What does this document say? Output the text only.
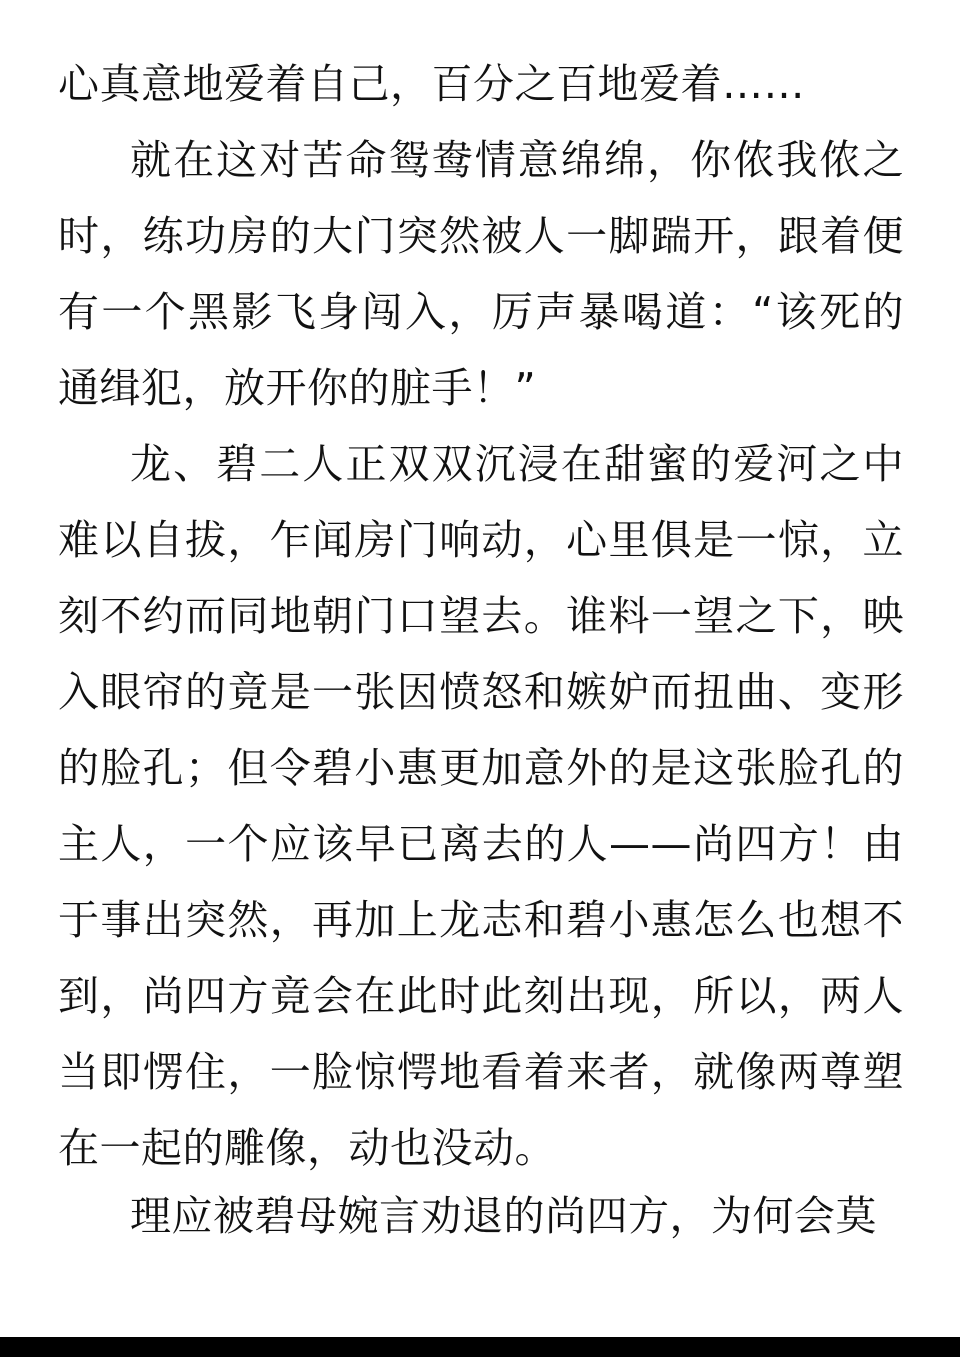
心真意地爱着自己，百分之百地爱着……

就在这对苦命鸳鸯情意绵绵，你侬我侬之时，练功房的大门突然被人一脚踹开，跟着便有一个黑影飞身闯入，厉声暴喝道：“该死的通缉犯，放开你的脏手！”

龙、碧二人正双双沉浸在甜蜜的爱河之中难以自拔，乍闻房门响动，心里俱是一惊，立刻不约而同地朝门口望去。谁料一望之下，映入眼帘的竟是一张因愤怒和嫉妒而扭曲、变形的脸孔；但令碧小惠更加意外的是这张脸孔的主人，一个应该早已离去的人——尚四方！由于事出突然，再加上龙志和碧小惠怎么也想不到，尚四方竟会在此时此刻出现，所以，两人当即愣住，一脸惊愕地看着来者，就像两尊塑在一起的雕像，动也没动。

理应被碧母婉言劝退的尚四方，为何会莫
